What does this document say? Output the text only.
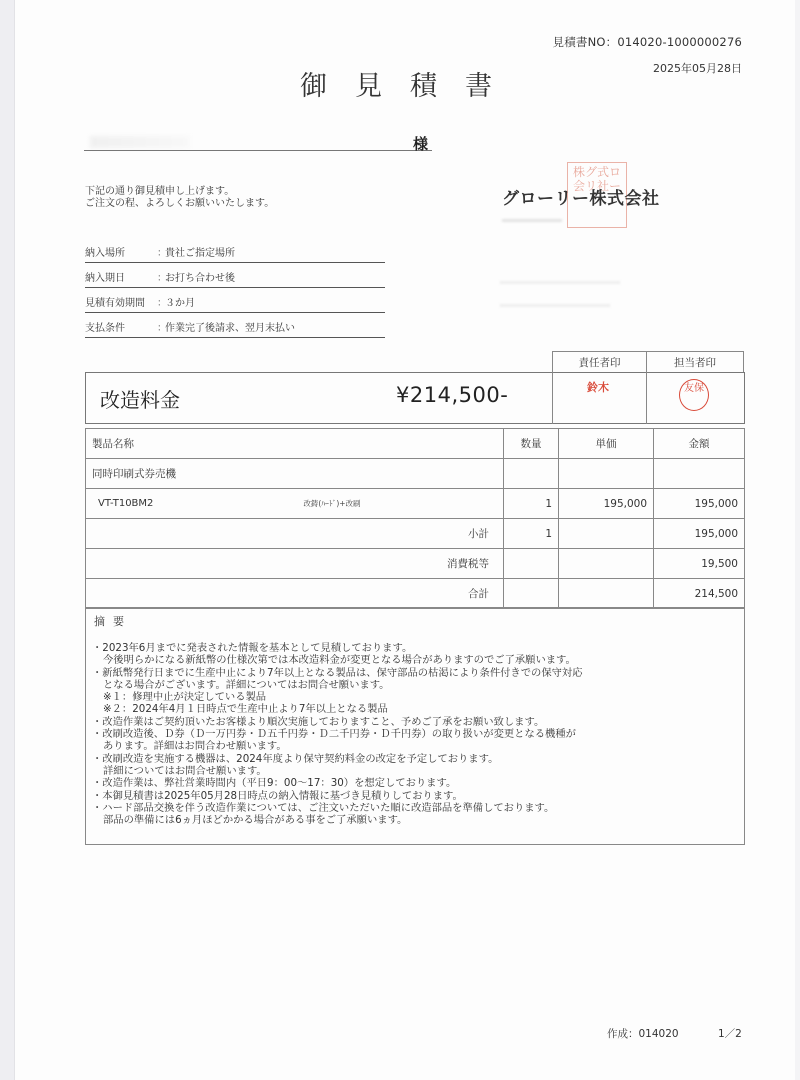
見積書NO：014020-1000000276
2025年05月28日
御見積書
様
下記の通り御見積申し上げます。
ご注文の程、よろしくお願いいたします。
株グ式ロ会リ社ー
グローリー株式会社
納入場所	：
貴社ご指定場所
納入期日	：
お打ち合わせ後
見積有効期間	：
３か月
支払条件	：
作業完了後請求、翌月末払い
責任者印	担当者印
改造料金	¥214,500-	鈴木	友保
製品名称	数量	単価	金額
同時印刷式券売機			
VT-T10BM2 改鋳(ﾊｰﾄﾞ)+改刷	1	195,000	195,000
小計	1		195,000
消費税等			19,500
合計			214,500
摘要
・2023年6月までに発表された情報を基本として見積しております。
今後明らかになる新紙幣の仕様次第では本改造料金が変更となる場合がありますのでご了承願います。
・新紙幣発行日までに生産中止により7年以上となる製品は、保守部品の枯渇により条件付きでの保守対応
となる場合がございます。詳細についてはお問合せ願います。
※１：修理中止が決定している製品
※２：2024年4月１日時点で生産中止より7年以上となる製品
・改造作業はご契約頂いたお客様より順次実施しておりますこと、予めご了承をお願い致します。
・改刷改造後、Ｄ券（Ｄ一万円券・Ｄ五千円券・Ｄ二千円券・Ｄ千円券）の取り扱いが変更となる機種が
あります。詳細はお問合わせ願います。
・改刷改造を実施する機器は、2024年度より保守契約料金の改定を予定しております。
詳細についてはお問合せ願います。
・改造作業は、弊社営業時間内（平日9：00～17：30）を想定しております。
・本御見積書は2025年05月28日時点の納入情報に基づき見積りしております。
・ハード部品交換を伴う改造作業については、ご注文いただいた順に改造部品を準備しております。
部品の準備には6ヵ月ほどかかる場合がある事をご了承願います。
作成：014020	1／2
